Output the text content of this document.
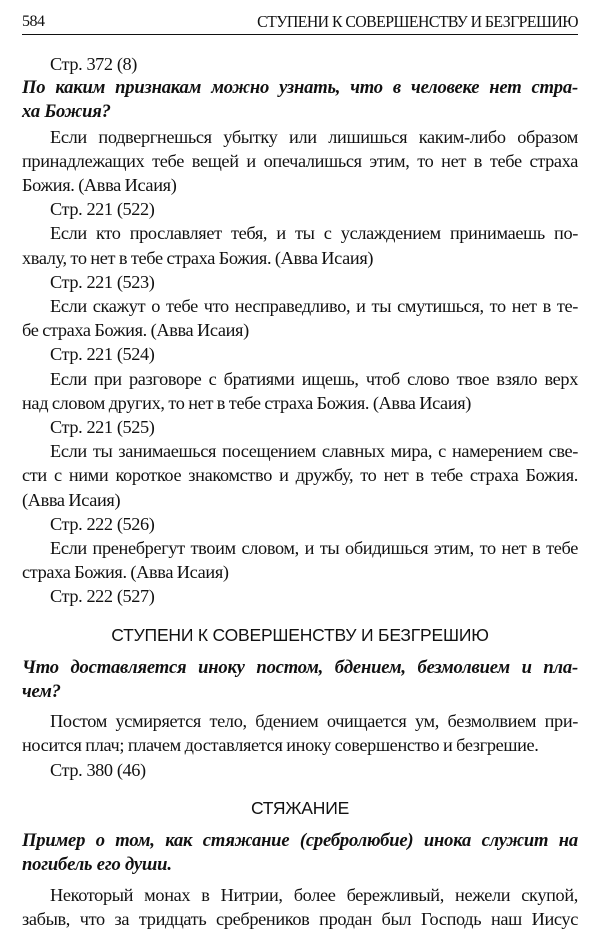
584	СТУПЕНИ К СОВЕРШЕНСТВУ И БЕЗГРЕШИЮ

Стр. 372 (8)

По каким признакам можно узнать, что в человеке нет стра-
ха Божия?
Если подвергнешься убытку или лишишься каким-либо образом
принадлежащих тебе вещей и опечалишься этим, то нет в тебе страха
Божия. (Авва Исаия)

Стр. 221 (522)

Если кто прославляет тебя, и ты с услаждением принимаешь по-
хвалу, то нет в тебе страха Божия. (Авва Исаия)

Стр. 221 (523)

Если скажут о тебе что несправедливо, и ты смутишься, то нет в те-
бе страха Божия. (Авва Исаия)

Стр. 221 (524)

Если при разговоре с братиями ищешь, чтоб слово твое взяло верх
над словом других, то нет в тебе страха Божия. (Авва Исаия)

Стр. 221 (525)

Если ты занимаешься посещением славных мира, с намерением све-
сти с ними короткое знакомство и дружбу, то нет в тебе страха Божия.
(Авва Исаия)

Стр. 222 (526)

Если пренебрегут твоим словом, и ты обидишься этим, то нет в тебе
страха Божия. (Авва Исаия)

Стр. 222 (527)

СТУПЕНИ К СОВЕРШЕНСТВУ И БЕЗГРЕШИЮ

Что доставляется иноку постом, бдением, безмолвием и пла-
чем?
Постом усмиряется тело, бдением очищается ум, безмолвием при-
носится плач; плачем доставляется иноку совершенство и безгрешие.

Стр. 380 (46)

СТЯЖАНИЕ

Пример о том, как стяжание (сребролюбие) инока служит на
погибель его души.
Некоторый монах в Нитрии, более бережливый, нежели скупой,
забыв, что за тридцать сребреников продан был Господь наш Иисус
